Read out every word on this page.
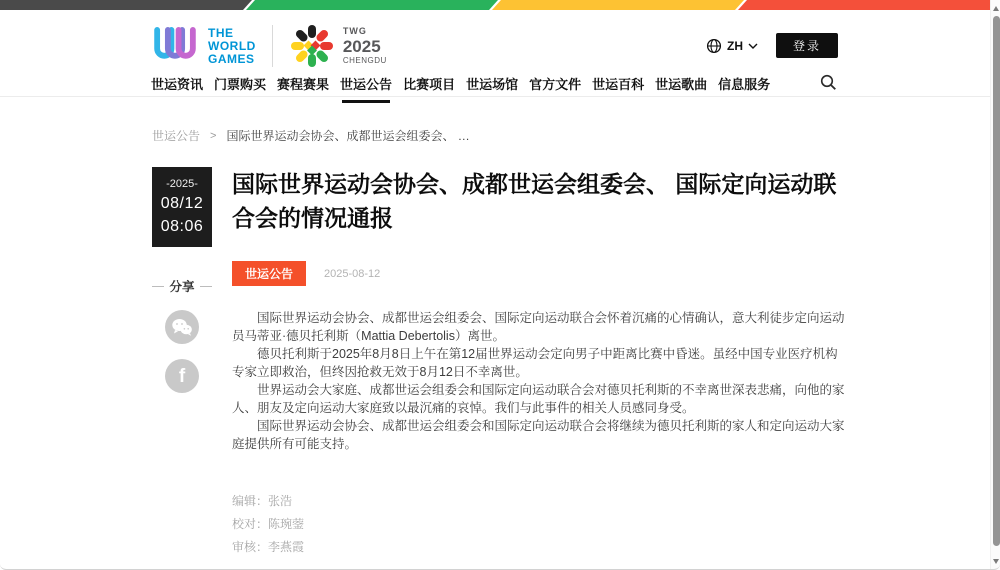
THE
WORLD
GAMES
TWG
2025
CHENGDU
ZH	登录
世运资讯 门票购买 赛程赛果 世运公告 比赛项目 世运场馆 官方文件 世运百科 世运歌曲 信息服务
世运公告 > 国际世界运动会协会、成都世运会组委会、 …
-2025-
08/12
08:06
国际世界运动会协会、成都世运会组委会、 国际定向运动联合会的情况通报
分享
f
世运公告	2025-08-12

国际世界运动会协会、成都世运会组委会、国际定向运动联合会怀着沉痛的心情确认，意大利徒步定向运动员马蒂亚·德贝托利斯（Mattia Debertolis）离世。

德贝托利斯于2025年8月8日上午在第12届世界运动会定向男子中距离比赛中昏迷。虽经中国专业医疗机构专家立即救治，但终因抢救无效于8月12日不幸离世。

世界运动会大家庭、成都世运会组委会和国际定向运动联合会对德贝托利斯的不幸离世深表悲痛，向他的家人、朋友及定向运动大家庭致以最沉痛的哀悼。我们与此事件的相关人员感同身受。

国际世界运动会协会、成都世运会组委会和国际定向运动联合会将继续为德贝托利斯的家人和定向运动大家庭提供所有可能支持。

编辑：张浩
校对：陈琬蓥
审核：李燕霞
